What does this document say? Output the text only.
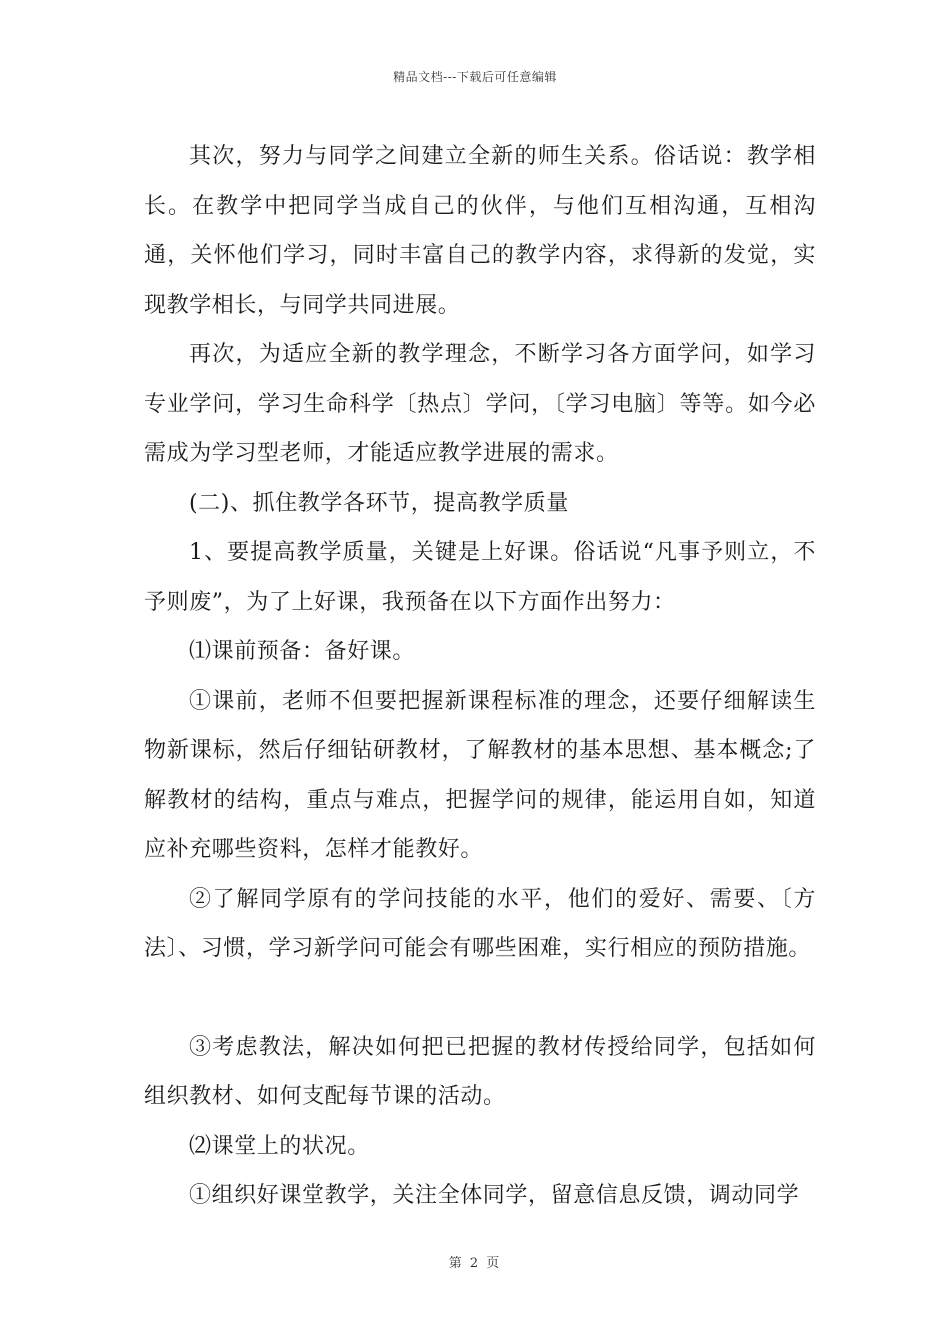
精品文档---下载后可任意编辑

其次，努力与同学之间建立全新的师生关系。俗话说：教学相长。在教学中把同学当成自己的伙伴，与他们互相沟通，互相沟通，关怀他们学习，同时丰富自己的教学内容，求得新的发觉，实现教学相长，与同学共同进展。

再次，为适应全新的教学理念，不断学习各方面学问，如学习专业学问，学习生命科学〔热点〕学问，〔学习电脑〕等等。如今必需成为学习型老师，才能适应教学进展的需求。

(二)、抓住教学各环节，提高教学质量

1、要提高教学质量，关键是上好课。俗话说“凡事予则立，不予则废”，为了上好课，我预备在以下方面作出努力：

⑴课前预备：备好课。

①课前，老师不但要把握新课程标准的理念，还要仔细解读生物新课标，然后仔细钻研教材，了解教材的基本思想、基本概念;了解教材的结构，重点与难点，把握学问的规律，能运用自如，知道应补充哪些资料，怎样才能教好。

②了解同学原有的学问技能的水平，他们的爱好、需要、〔方法〕、习惯，学习新学问可能会有哪些困难，实行相应的预防措施。

③考虑教法，解决如何把已把握的教材传授给同学，包括如何组织教材、如何支配每节课的活动。

⑵课堂上的状况。

①组织好课堂教学，关注全体同学，留意信息反馈，调动同学

第 2 页
